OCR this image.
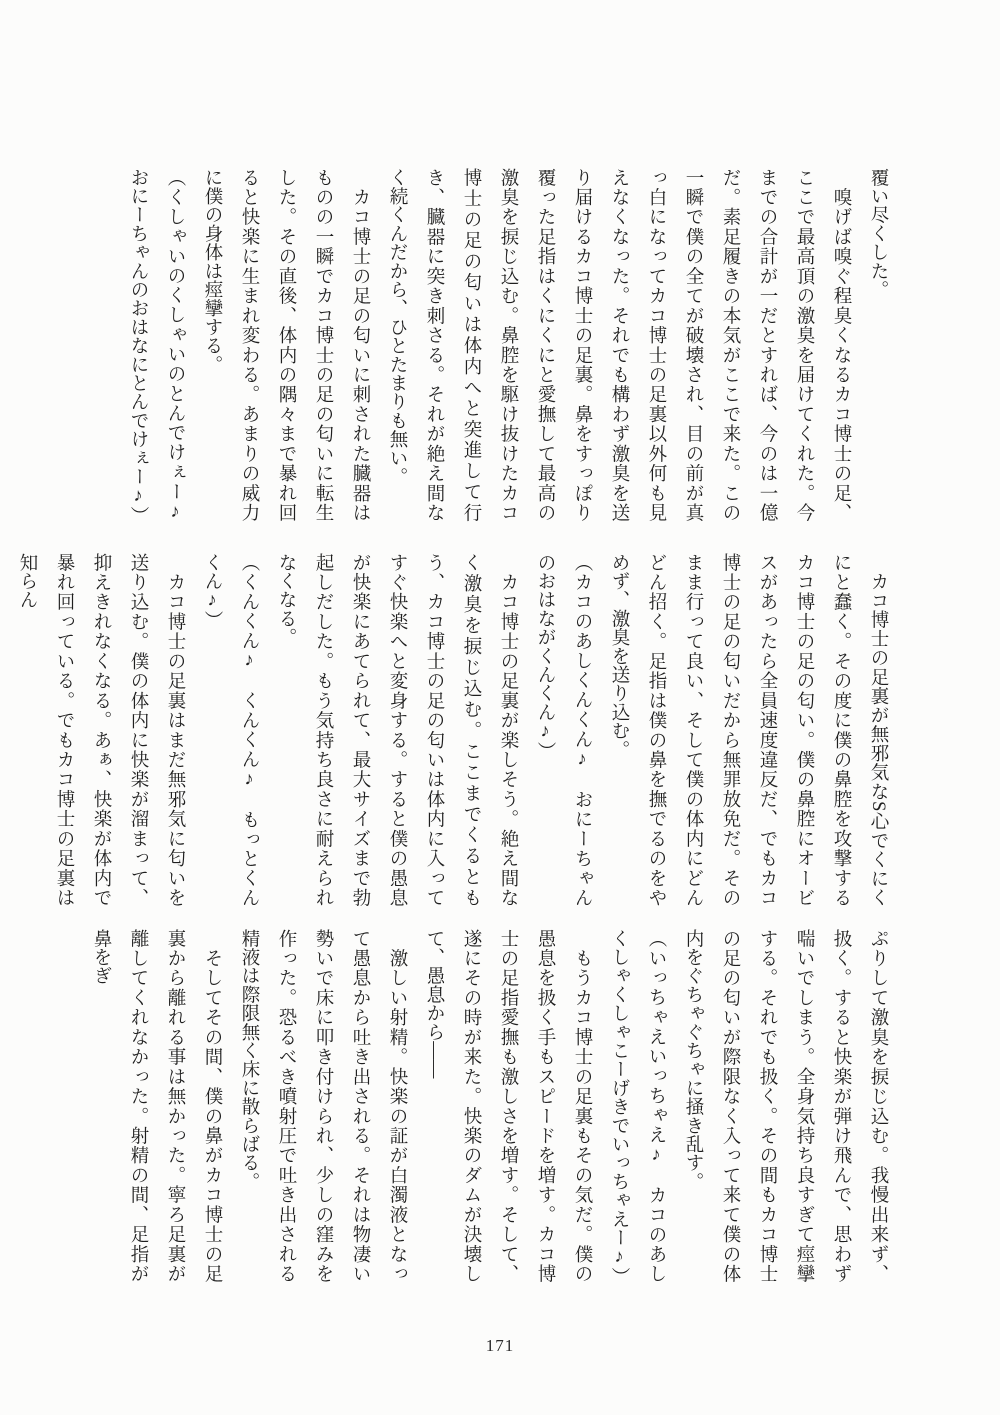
覆い尽くした。

　嗅げば嗅ぐ程臭くなるカコ博士の足、ここで最高頂の激臭を届けてくれた。今までの合計が一だとすれば、今のは一億だ。素足履きの本気がここで来た。この一瞬で僕の全てが破壊され、目の前が真っ白になってカコ博士の足裏以外何も見えなくなった。それでも構わず激臭を送り届けるカコ博士の足裏。鼻をすっぽり覆った足指はくにくにと愛撫して最高の激臭を捩じ込む。鼻腔を駆け抜けたカコ博士の足の匂いは体内へと突進して行き、臓器に突き刺さる。それが絶え間なく続くんだから、ひとたまりも無い。

　カコ博士の足の匂いに刺された臓器はものの一瞬でカコ博士の足の匂いに転生した。その直後、体内の隅々まで暴れ回ると快楽に生まれ変わる。あまりの威力に僕の身体は痙攣する。

（くしゃいのくしゃいのとんでけぇー♪　おにーちゃんのおはなにとんでけぇー♪）

　カコ博士の足裏が無邪気なS心でくにくにと蠢く。その度に僕の鼻腔を攻撃するカコ博士の足の匂い。僕の鼻腔にオービスがあったら全員速度違反だ、でもカコ博士の足の匂いだから無罪放免だ。そのまま行って良い、そして僕の体内にどんどん招く。足指は僕の鼻を撫でるのをやめず、激臭を送り込む。

（カコのあしくんくん♪　おにーちゃんのおはながくんくん♪）

　カコ博士の足裏が楽しそう。絶え間なく激臭を捩じ込む。ここまでくるともう、カコ博士の足の匂いは体内に入ってすぐ快楽へと変身する。すると僕の愚息が快楽にあてられて、最大サイズまで勃起しだした。もう気持ち良さに耐えられなくなる。

（くんくん♪　くんくん♪　もっとくんくん♪）

　カコ博士の足裏はまだ無邪気に匂いを送り込む。僕の体内に快楽が溜まって、抑えきれなくなる。あぁ、快楽が体内で暴れ回っている。でもカコ博士の足裏は知らん

ぷりして激臭を捩じ込む。我慢出来ず、扱く。すると快楽が弾け飛んで、思わず喘いでしまう。全身気持ち良すぎて痙攣する。それでも扱く。その間もカコ博士の足の匂いが際限なく入って来て僕の体内をぐちゃぐちゃに掻き乱す。

（いっちゃえいっちゃえ♪　カコのあしくしゃくしゃこーげきでいっちゃえー♪）

　もうカコ博士の足裏もその気だ。僕の愚息を扱く手もスピードを増す。カコ博士の足指愛撫も激しさを増す。そして、遂にその時が来た。快楽のダムが決壊して、愚息から――

　激しい射精。快楽の証が白濁液となって愚息から吐き出される。それは物凄い勢いで床に叩き付けられ、少しの窪みを作った。恐るべき噴射圧で吐き出される精液は際限無く床に散らばる。

　そしてその間、僕の鼻がカコ博士の足裏から離れる事は無かった。寧ろ足裏が離してくれなかった。射精の間、足指が鼻をぎ

171
